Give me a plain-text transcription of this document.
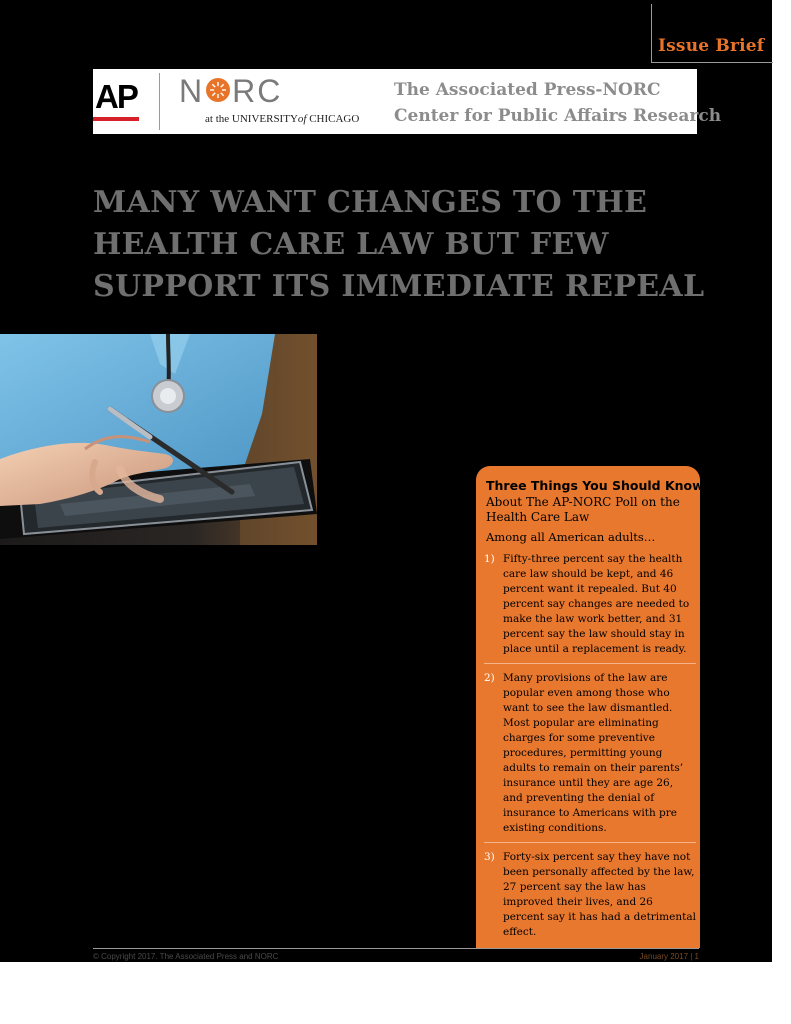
Issue Brief
AP N RC
at the UNIVERSITYof CHICAGO
The Associated Press-NORC
Center for Public Affairs Research
MANY WANT CHANGES TO THE HEALTH CARE LAW BUT FEW SUPPORT ITS IMMEDIATE REPEAL
Three Things You Should Know

About The AP-NORC Poll on the Health Care Law

Among all American adults…

1) Fifty-three percent say the health care law should be kept, and 46 percent want it repealed. But 40 percent say changes are needed to make the law work better, and 31 percent say the law should stay in place until a replacement is ready.
2) Many provisions of the law are popular even among those who want to see the law dismantled. Most popular are eliminating charges for some preventive procedures, permitting young adults to remain on their parents’ insurance until they are age 26, and preventing the denial of insurance to Americans with pre existing conditions.
3) Forty-six percent say they have not been personally affected by the law, 27 percent say the law has improved their lives, and 26 percent say it has had a detrimental effect.
© Copyright 2017. The Associated Press and NORC	January 2017 | 1
